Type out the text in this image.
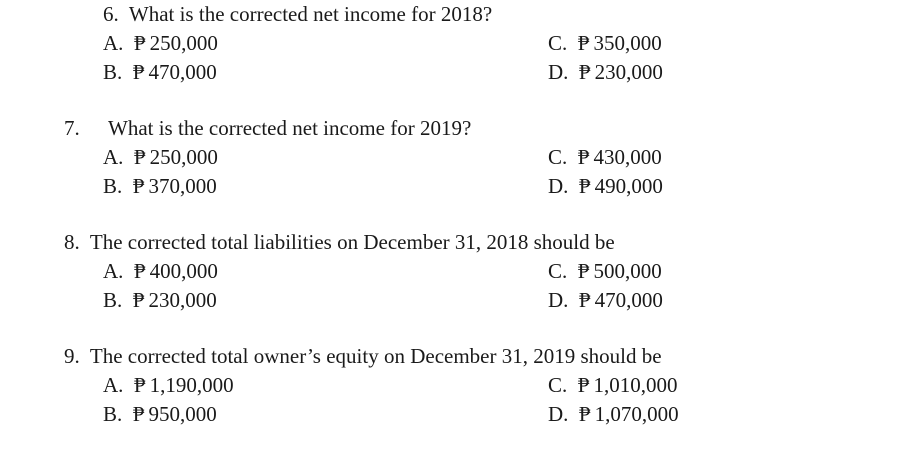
6. What is the corrected net income for 2018?
A. ₱ 250,000
B. ₱ 470,000
C. ₱ 350,000
D. ₱ 230,000
7. What is the corrected net income for 2019?
A. ₱ 250,000
B. ₱ 370,000
C. ₱ 430,000
D. ₱ 490,000
8. The corrected total liabilities on December 31, 2018 should be
A. ₱ 400,000
B. ₱ 230,000
C. ₱ 500,000
D. ₱ 470,000
9. The corrected total owner’s equity on December 31, 2019 should be
A. ₱ 1,190,000
B. ₱ 950,000
C. ₱ 1,010,000
D. ₱ 1,070,000
